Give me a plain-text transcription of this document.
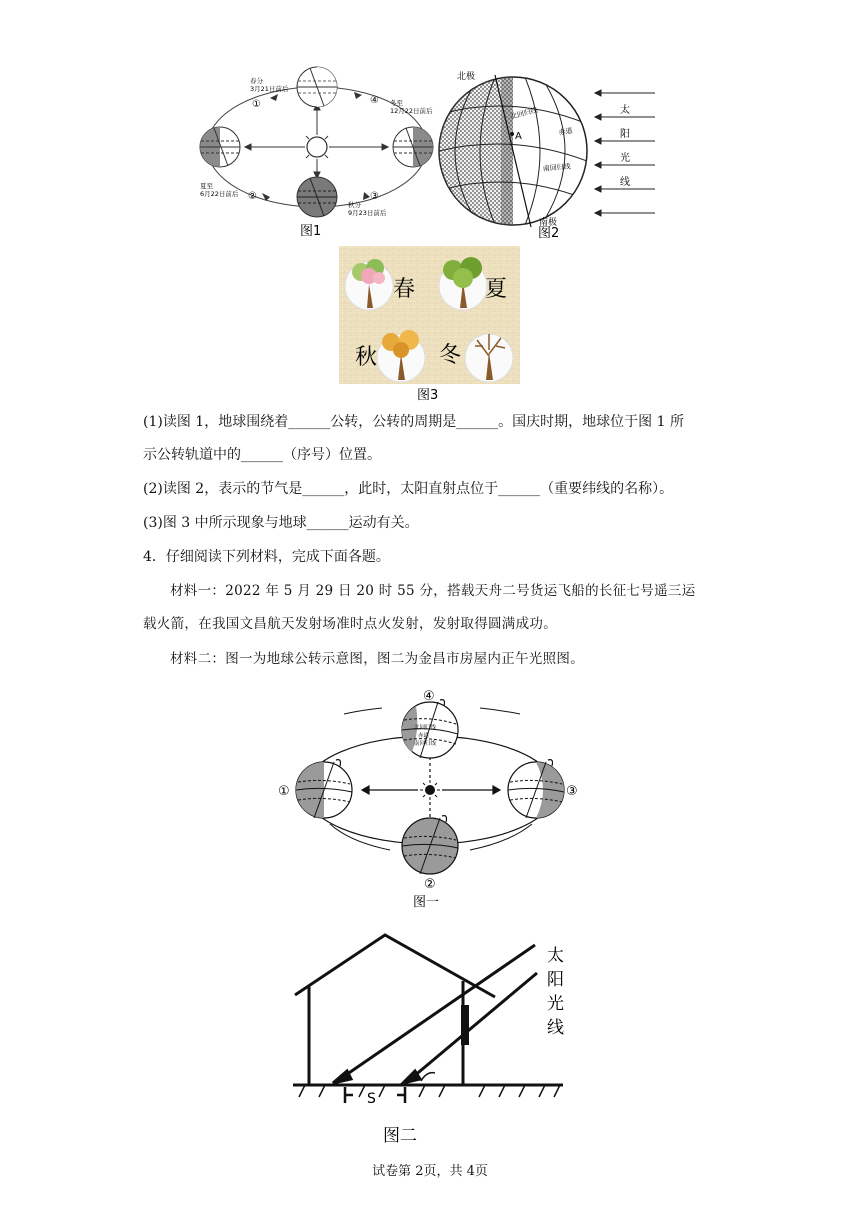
春分
3月21日前后
①	④ 冬至
12月22日前后
夏至
6月22日前后 ②	③
秋分
9月23日前后
图1
A
北极
南极
北回归线
赤道
南回归线
太
阳
光
线
图2
春	夏
秋	冬
图3
(1)读图 1，地球围绕着______公转，公转的周期是______。国庆时期，地球位于图 1 所
示公转轨道中的______（序号）位置。
(2)读图 2，表示的节气是______，此时，太阳直射点位于______（重要纬线的名称）。
(3)图 3 中所示现象与地球______运动有关。
4．仔细阅读下列材料，完成下面各题。
材料一：2022 年 5 月 29 日 20 时 55 分，搭载天舟二号货运飞船的长征七号遥三运
载火箭，在我国文昌航天发射场准时点火发射，发射取得圆满成功。
材料二：图一为地球公转示意图，图二为金昌市房屋内正午光照图。
北回归线
赤道
南回归线
④
①	③
②
图一
S
太
阳
光
线
图二
试卷第 2页，共 4页
